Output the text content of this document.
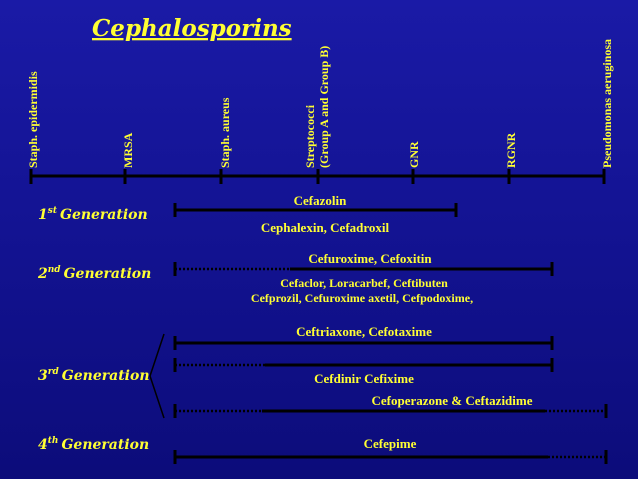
Cephalosporins
Staph. epidermidis	MRSA	Staph. aureus	Streptococci (Group A and Group B)	GNR	RGNR	Pseudomonas aeruginosa
1st Generation
2nd Generation
3rd Generation
4th Generation
Cefazolin
Cephalexin, Cefadroxil
Cefuroxime, Cefoxitin
Cefaclor, Loracarbef, Ceftibuten
Cefprozil, Cefuroxime axetil, Cefpodoxime,
Ceftriaxone, Cefotaxime
Cefdinir Cefixime
Cefoperazone & Ceftazidime
Cefepime
